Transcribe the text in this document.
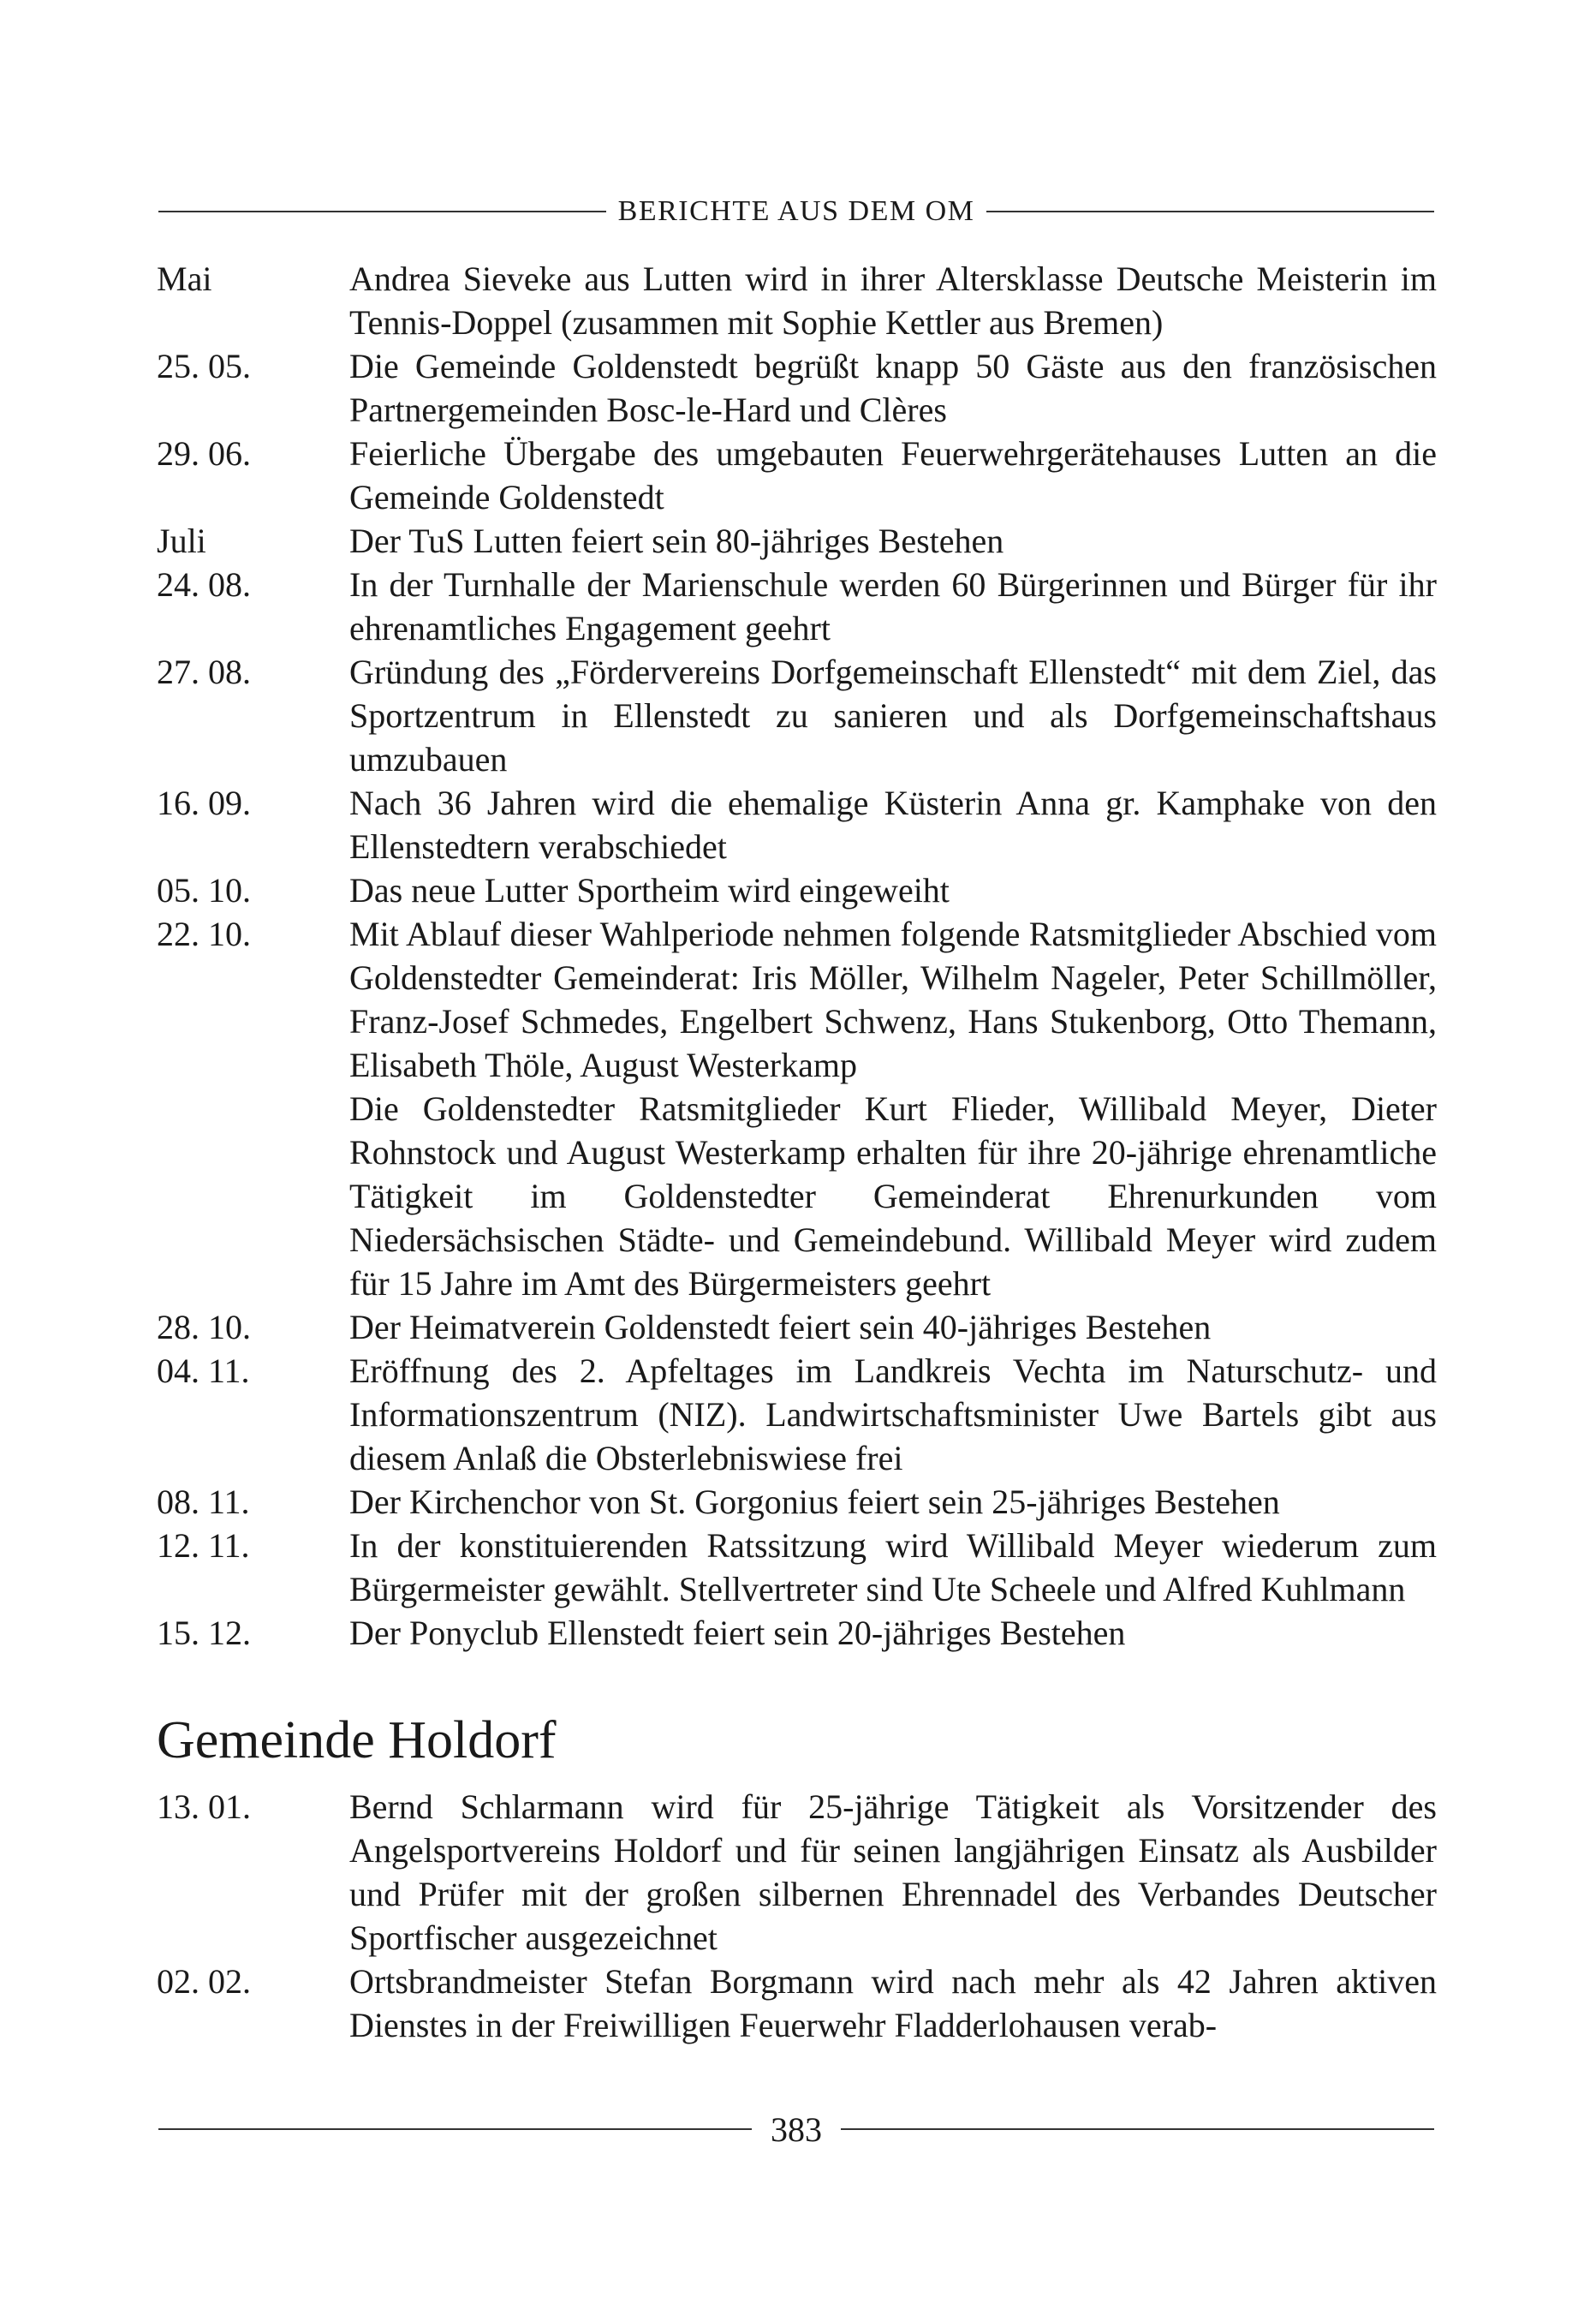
BERICHTE AUS DEM OM
Mai	Andrea Sieveke aus Lutten wird in ihrer Altersklasse Deutsche Meisterin im Tennis-Doppel (zusammen mit Sophie Kettler aus Bremen)

25. 05.	Die Gemeinde Goldenstedt begrüßt knapp 50 Gäste aus den französischen Partnergemeinden Bosc-le-Hard und Clères

29. 06.	Feierliche Übergabe des umgebauten Feuerwehrgerätehauses Lutten an die Gemeinde Goldenstedt

Juli	Der TuS Lutten feiert sein 80-jähriges Bestehen

24. 08.	In der Turnhalle der Marienschule werden 60 Bürgerinnen und Bürger für ihr ehrenamtliches Engagement geehrt

27. 08.	Gründung des „Fördervereins Dorfgemeinschaft Ellenstedt“ mit dem Ziel, das Sportzentrum in Ellenstedt zu sanieren und als Dorfgemeinschaftshaus umzubauen

16. 09.	Nach 36 Jahren wird die ehemalige Küsterin Anna gr. Kamphake von den Ellenstedtern verabschiedet

05. 10.	Das neue Lutter Sportheim wird eingeweiht

22. 10.	Mit Ablauf dieser Wahlperiode nehmen folgende Ratsmitglieder Abschied vom Goldenstedter Gemeinderat: Iris Möller, Wilhelm Nageler, Peter Schillmöller, Franz-Josef Schmedes, Engelbert Schwenz, Hans Stukenborg, Otto Themann, Elisabeth Thöle, August Westerkamp

Die Goldenstedter Ratsmitglieder Kurt Flieder, Willibald Meyer, Dieter Rohnstock und August Westerkamp erhalten für ihre 20-jährige ehrenamtliche Tätigkeit im Goldenstedter Gemeinderat Ehrenurkunden vom Niedersächsischen Städte- und Gemeindebund. Willibald Meyer wird zudem für 15 Jahre im Amt des Bürgermeisters geehrt

28. 10.	Der Heimatverein Goldenstedt feiert sein 40-jähriges Bestehen

04. 11.	Eröffnung des 2. Apfeltages im Landkreis Vechta im Naturschutz- und Informationszentrum (NIZ). Landwirtschaftsminister Uwe Bartels gibt aus diesem Anlaß die Obsterlebniswiese frei

08. 11.	Der Kirchenchor von St. Gorgonius feiert sein 25-jähriges Bestehen

12. 11.	In der konstituierenden Ratssitzung wird Willibald Meyer wiederum zum Bürgermeister gewählt. Stellvertreter sind Ute Scheele und Alfred Kuhlmann

15. 12.	Der Ponyclub Ellenstedt feiert sein 20-jähriges Bestehen

Gemeinde Holdorf
13. 01.	Bernd Schlarmann wird für 25-jährige Tätigkeit als Vorsitzender des Angelsportvereins Holdorf und für seinen langjährigen Einsatz als Ausbilder und Prüfer mit der großen silbernen Ehrennadel des Verbandes Deutscher Sportfischer ausgezeichnet

02. 02.	Ortsbrandmeister Stefan Borgmann wird nach mehr als 42 Jahren aktiven Dienstes in der Freiwilligen Feuerwehr Fladderlohausen verab-

383
